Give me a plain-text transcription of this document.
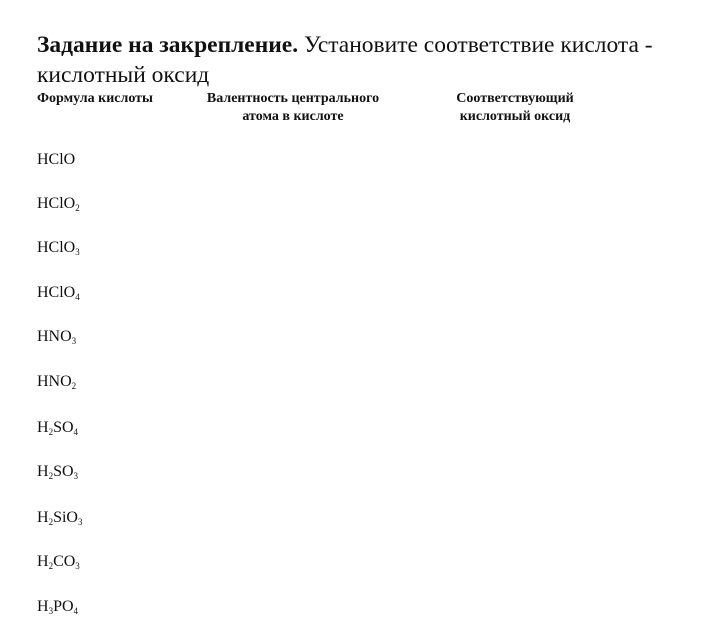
Задание на закрепление. Установите соответствие кислота - кислотный оксид

Формула кислоты	Валентность центрального
атома в кислоте
Соответствующий
кислотный оксид
HClO
HClO$_2$
HClO$_3$
HClO$_4$
$HNO_3$
$HNO_2$
$H_2SO_4$
$H_2SO_3$
$H_2SiO_3$
$H_2CO_3$
$H_3PO_4$
